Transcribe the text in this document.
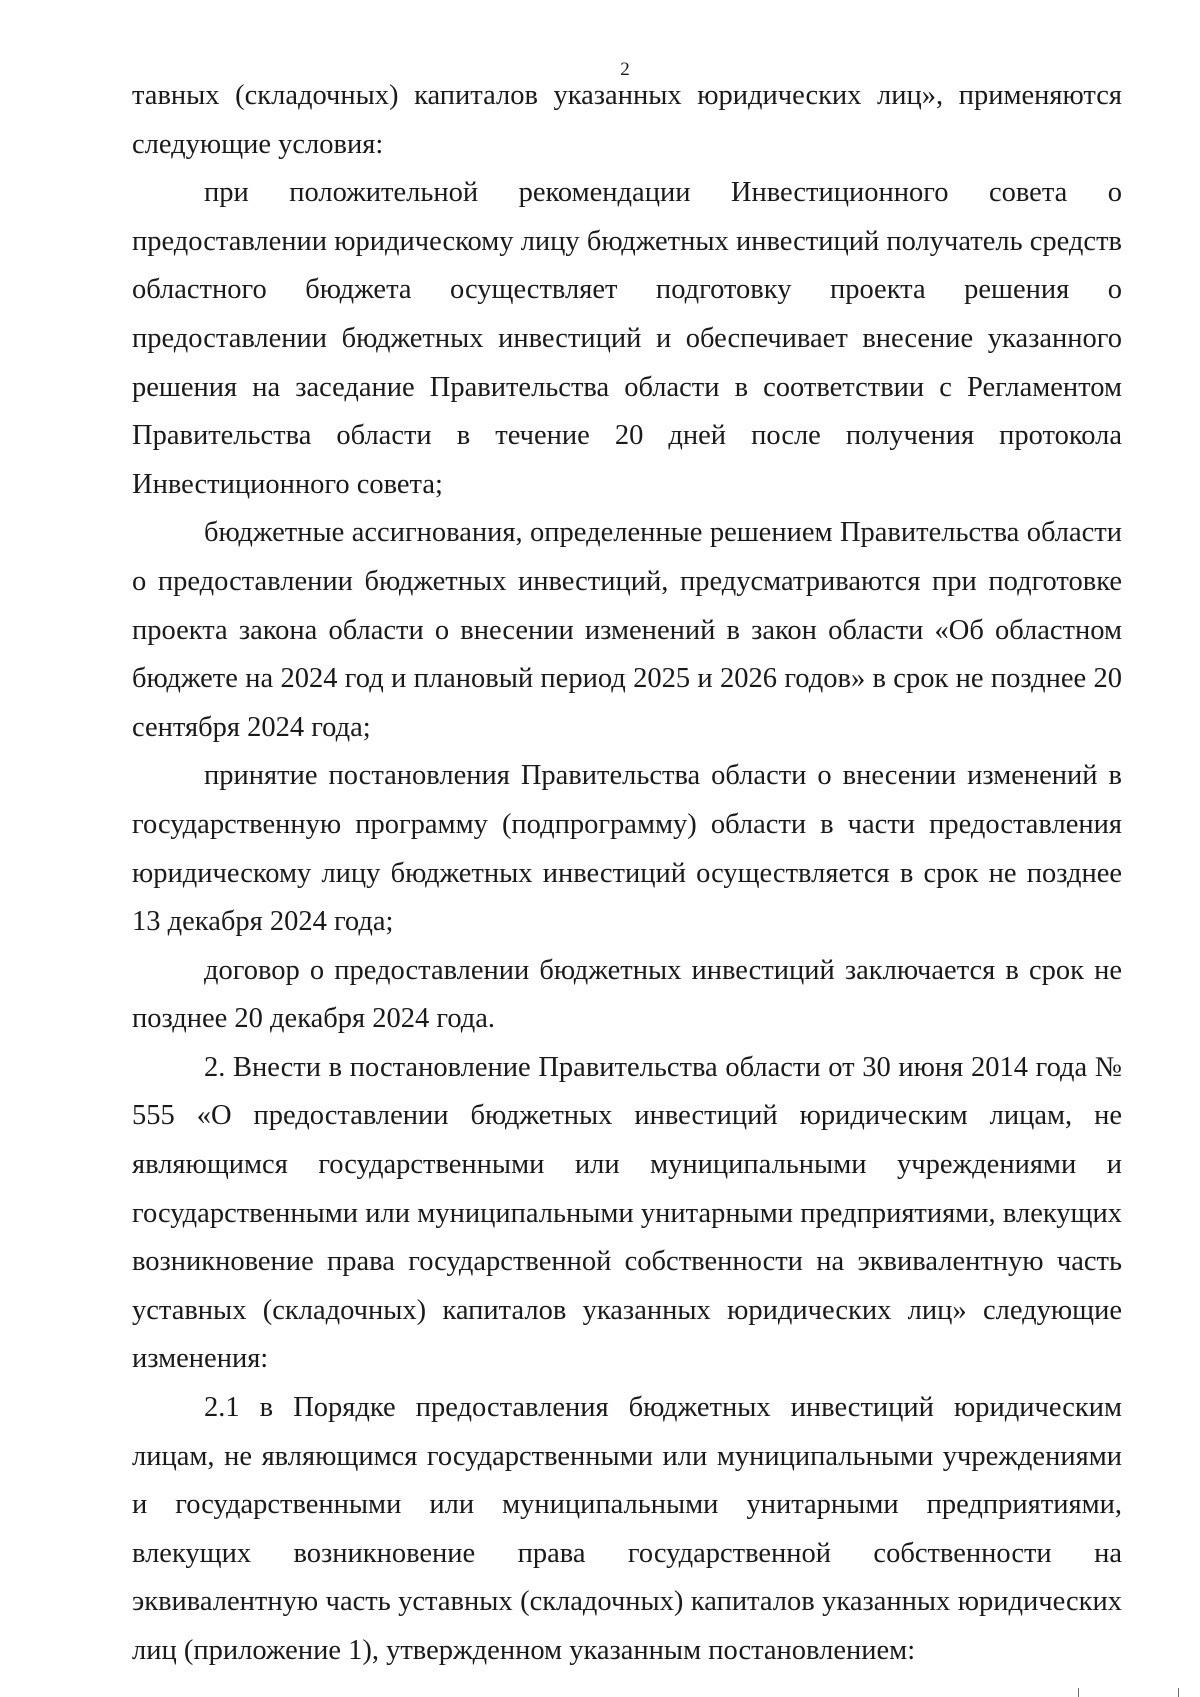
2

тавных (складочных) капиталов указанных юридических лиц», применяются следующие условия:

при положительной рекомендации Инвестиционного совета о предоставлении юридическому лицу бюджетных инвестиций получатель средств областного бюджета осуществляет подготовку проекта решения о предоставлении бюджетных инвестиций и обеспечивает внесение указанного решения на заседание Правительства области в соответствии с Регламентом Правительства области в течение 20 дней после получения протокола Инвестиционного совета;

бюджетные ассигнования, определенные решением Правительства области о предоставлении бюджетных инвестиций, предусматриваются при подготовке проекта закона области о внесении изменений в закон области «Об областном бюджете на 2024 год и плановый период 2025 и 2026 годов» в срок не позднее 20 сентября 2024 года;

принятие постановления Правительства области о внесении изменений в государственную программу (подпрограмму) области в части предоставления юридическому лицу бюджетных инвестиций осуществляется в срок не позднее 13 декабря 2024 года;

договор о предоставлении бюджетных инвестиций заключается в срок не позднее 20 декабря 2024 года.

2. Внести в постановление Правительства области от 30 июня 2014 года № 555 «О предоставлении бюджетных инвестиций юридическим лицам, не являющимся государственными или муниципальными учреждениями и государственными или муниципальными унитарными предприятиями, влекущих возникновение права государственной собственности на эквивалентную часть уставных (складочных) капиталов указанных юридических лиц» следующие изменения:

2.1 в Порядке предоставления бюджетных инвестиций юридическим лицам, не являющимся государственными или муниципальными учреждениями и государственными или муниципальными унитарными предприятиями, влекущих возникновение права государственной собственности на эквивалентную часть уставных (складочных) капиталов указанных юридических лиц (приложение 1), утвержденном указанным постановлением:
